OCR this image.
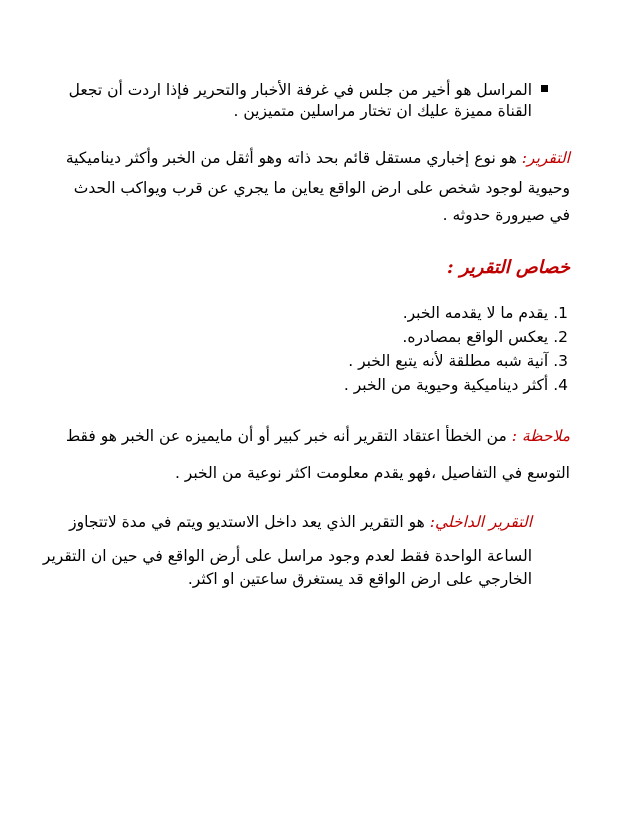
المراسل هو أخير من جلس في غرفة الأخبار والتحرير فإذا اردت أن تجعل
القناة مميزة عليك ان تختار مراسلين متميزين .
التقرير: هو نوع إخباري مستقل قائم بحد ذاته وهو أثقل من الخبر وأكثر ديناميكية
وحيوية لوجود شخص على ارض الواقع يعاين ما يجري عن قرب ويواكب الحدث
في صيرورة حدوثه .
خصاص التقرير :
1. يقدم ما لا يقدمه الخبر.
2. يعكس الواقع بمصادره.
3. آنية شبه مطلقة لأنه يتبع الخبر .
4. أكثر ديناميكية وحيوية من الخبر .
ملاحظة : من الخطأ اعتقاد التقرير أنه خبر كبير أو أن مايميزه عن الخبر هو فقط
التوسع في التفاصيل ،فهو يقدم معلومت اكثر نوعية من الخبر .
التقرير الداخلي: هو التقرير الذي يعد داخل الاستديو ويتم في مدة لاتتجاوز
الساعة الواحدة فقط لعدم وجود مراسل على أرض الواقع في حين ان التقرير
الخارجي على ارض الواقع قد يستغرق ساعتين او اكثر.
